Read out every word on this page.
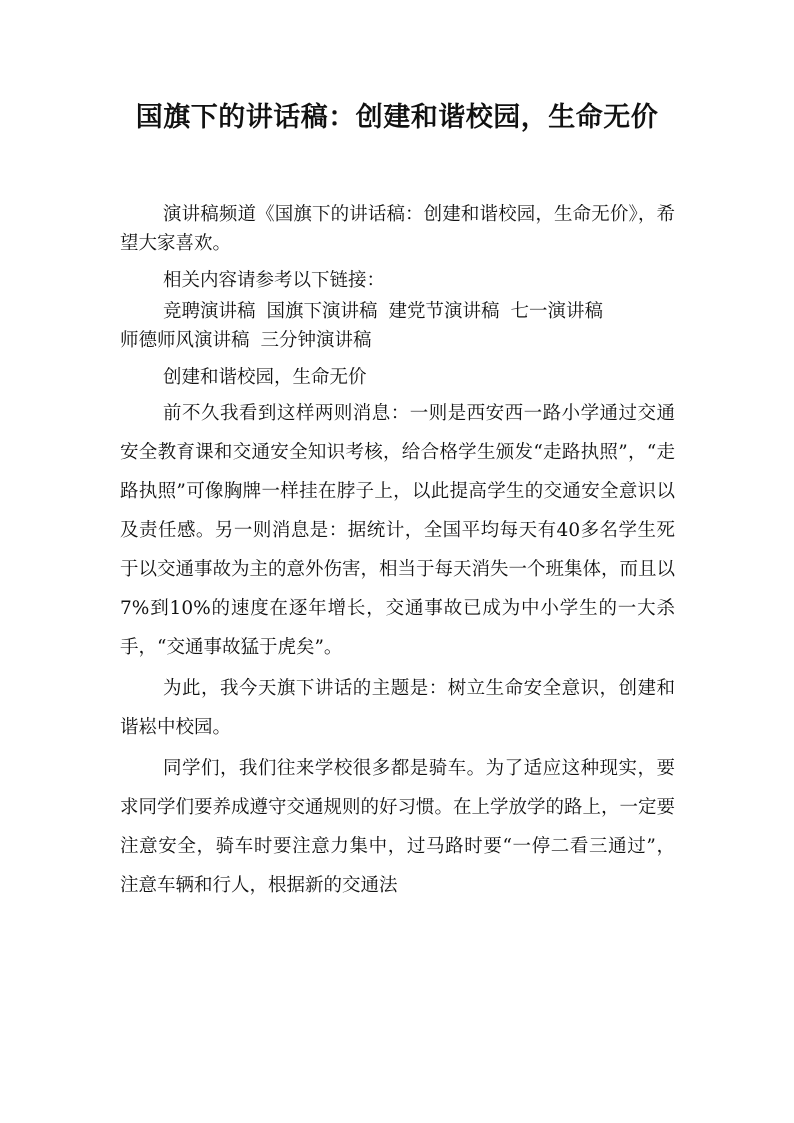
国旗下的讲话稿：创建和谐校园，生命无价

演讲稿频道《国旗下的讲话稿：创建和谐校园，生命无价》，希望大家喜欢。

相关内容请参考以下链接：

竞聘演讲稿 国旗下演讲稿 建党节演讲稿 七一演讲稿
师德师风演讲稿 三分钟演讲稿

创建和谐校园，生命无价

前不久我看到这样两则消息：一则是西安西一路小学通过交通安全教育课和交通安全知识考核，给合格学生颁发“走路执照”，“走路执照”可像胸牌一样挂在脖子上，以此提高学生的交通安全意识以及责任感。另一则消息是：据统计，全国平均每天有40多名学生死于以交通事故为主的意外伤害，相当于每天消失一个班集体，而且以7%到10%的速度在逐年增长，交通事故已成为中小学生的一大杀手，“交通事故猛于虎矣”。

为此，我今天旗下讲话的主题是：树立生命安全意识，创建和谐崧中校园。

同学们，我们往来学校很多都是骑车。为了适应这种现实，要求同学们要养成遵守交通规则的好习惯。在上学放学的路上，一定要注意安全，骑车时要注意力集中，过马路时要“一停二看三通过”，注意车辆和行人，根据新的交通法
